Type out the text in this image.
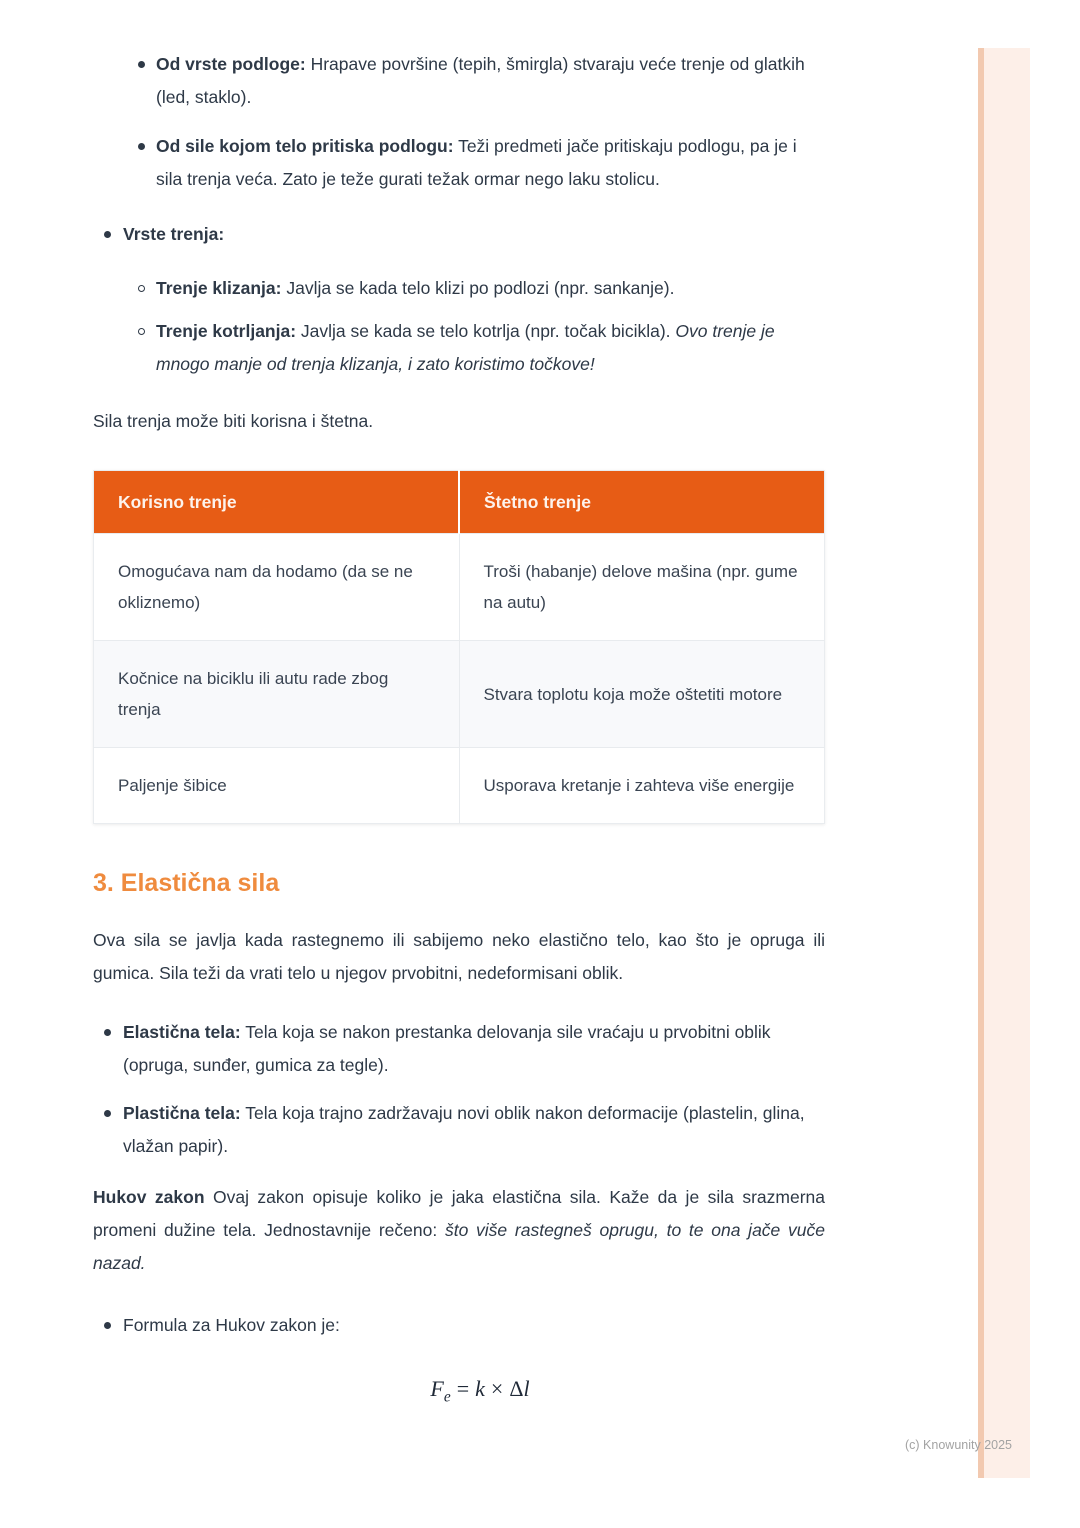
Od vrste podloge: Hrapave površine (tepih, šmirgla) stvaraju veće trenje od glatkih (led, staklo).
Od sile kojom telo pritiska podlogu: Teži predmeti jače pritiskaju podlogu, pa je i sila trenja veća. Zato je teže gurati težak ormar nego laku stolicu.
Vrste trenja:
Trenje klizanja: Javlja se kada telo klizi po podlozi (npr. sankanje).
Trenje kotrljanja: Javlja se kada se telo kotrlja (npr. točak bicikla). Ovo trenje je mnogo manje od trenja klizanja, i zato koristimo točkove!

Sila trenja može biti korisna i štetna.

Korisno trenje	Štetno trenje
Omogućava nam da hodamo (da se ne okliznemo)	Troši (habanje) delove mašina (npr. gume na autu)
Kočnice na biciklu ili autu rade zbog trenja	Stvara toplotu koja može oštetiti motore
Paljenje šibice	Usporava kretanje i zahteva više energije
3. Elastična sila

Ova sila se javlja kada rastegnemo ili sabijemo neko elastično telo, kao što je opruga ili gumica. Sila teži da vrati telo u njegov prvobitni, nedeformisani oblik.

Elastična tela: Tela koja se nakon prestanka delovanja sile vraćaju u prvobitni oblik (opruga, sunđer, gumica za tegle).
Plastična tela: Tela koja trajno zadržavaju novi oblik nakon deformacije (plastelin, glina, vlažan papir).

Hukov zakon Ovaj zakon opisuje koliko je jaka elastična sila. Kaže da je sila srazmerna promeni dužine tela. Jednostavnije rečeno: što više rastegneš oprugu, to te ona jače vuče nazad.

Formula za Hukov zakon je:
$F_e = k \times \Delta l$
(c) Knowunity 2025
